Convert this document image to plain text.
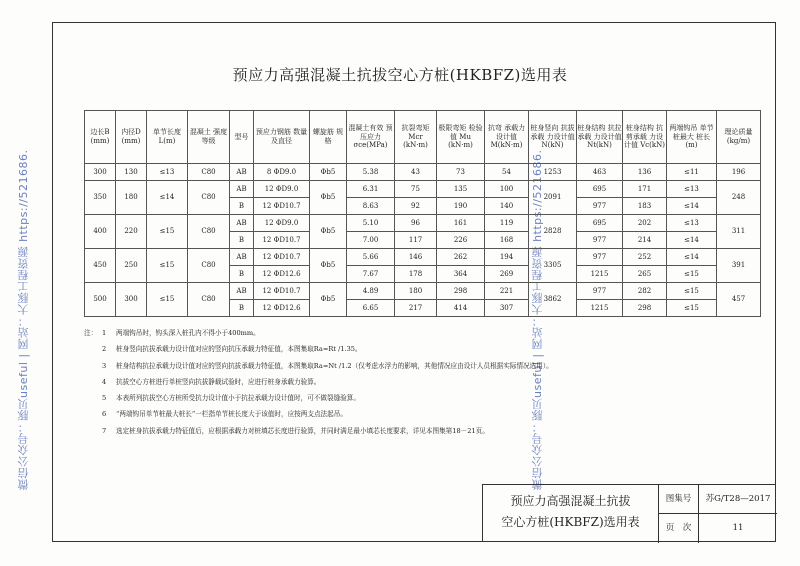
微信公众号：豚贝useful | 网站：大豚工程资源 https://521686.	微信公众号：豚贝useful | 网站：大豚工程资源 https://521686.
预应力高强混凝土抗拔空心方桩(HKBFZ)选用表
边长B (mm)	内径D (mm)	单节长度 L(m)	混凝土 强度等级	型号	预应力钢筋 数量及直径	螺旋筋 规格	混凝土有效 预压应力 σce(MPa)	抗裂弯矩 Mcr (kN·m)	极限弯矩 检验值 Mu (kN·m)	抗弯 承载力 设计值 M(kN·m)	桩身竖向 抗拔承载 力设计值 N(kN)	桩身结构 抗拉承载 力设计值 Nt(kN)	桩身结构 抗剪承载 力设计值 Vc(kN)	两端钩吊 单节桩最大 桩长(m)	理论质量 (kg/m)
300	130	≤13	C80	AB	8 ΦD9.0	Φb5	5.38	43	73	54	1253	463	136	≤11	196
350	180	≤14	C80	AB	12 ΦD9.0	Φb5	6.31	75	135	100	2091	695	171	≤13	248
				B	12 ΦD10.7		8.63	92	190	140		977	183	≤14	
400	220	≤15	C80	AB	12 ΦD9.0	Φb5	5.10	96	161	119	2828	695	202	≤13	311
				B	12 ΦD10.7		7.00	117	226	168		977	214	≤14	
450	250	≤15	C80	AB	12 ΦD10.7	Φb5	5.66	146	262	194	3305	977	252	≤14	391
				B	12 ΦD12.6		7.67	178	364	269		1215	265	≤15	
500	300	≤15	C80	AB	12 ΦD10.7	Φb5	4.89	180	298	221	3862	977	282	≤15	457
				B	12 ΦD12.6		6.65	217	414	307		1215	298	≤15	
注： 1 两端钩吊时，钩头深入桩孔内不得小于400mm。
2 桩身竖向抗拔承载力设计值对应的竖向抗压承载力特征值，本图集取Ra=Rt /1.35。
3 桩身结构抗拉承载力设计值对应的竖向抗拔承载力特征值，本图集取Ra=Nt /1.2（仅考虑水浮力的影响，其他情况应由设计人员根据实际情况选用）。
4 抗拔空心方桩进行单桩竖向抗拔静载试验时，应进行桩身承载力验算。
5 本表所列抗拔空心方桩所受抗力设计值小于抗拉承载力设计值时，可不做裂缝验算。
6 “两端钩吊单节桩最大桩长”一栏指单节桩长度大于该值时，应按两支点法起吊。
7 选定桩身抗拔承载力特征值后，应根据承载力对桩填芯长度进行验算，并同时满足最小填芯长度要求，详见本图集第18－21页。
预应力高强混凝土抗拔
空心方桩(HKBFZ)选用表
图集号	苏G/T28—2017
页　次	11
